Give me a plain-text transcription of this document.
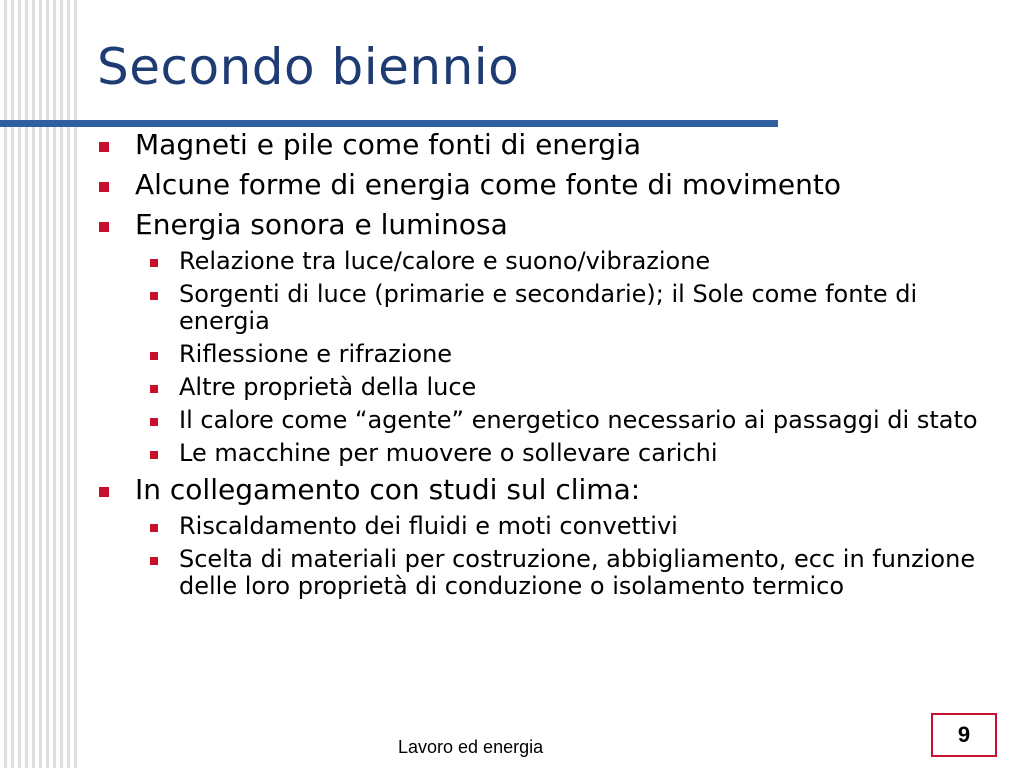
Secondo biennio
Magneti e pile come fonti di energia
Alcune forme di energia come fonte di movimento
Energia sonora e luminosa
Relazione tra luce/calore e suono/vibrazione
Sorgenti di luce (primarie e secondarie); il Sole come fonte di energia
Riflessione e rifrazione
Altre proprietà della luce
Il calore come “agente” energetico necessario ai passaggi di stato
Le macchine per muovere o sollevare carichi
In collegamento con studi sul clima:
Riscaldamento dei fluidi e moti convettivi
Scelta di materiali per costruzione, abbigliamento, ecc in funzione delle loro proprietà di conduzione o isolamento termico
Lavoro ed energia	9
